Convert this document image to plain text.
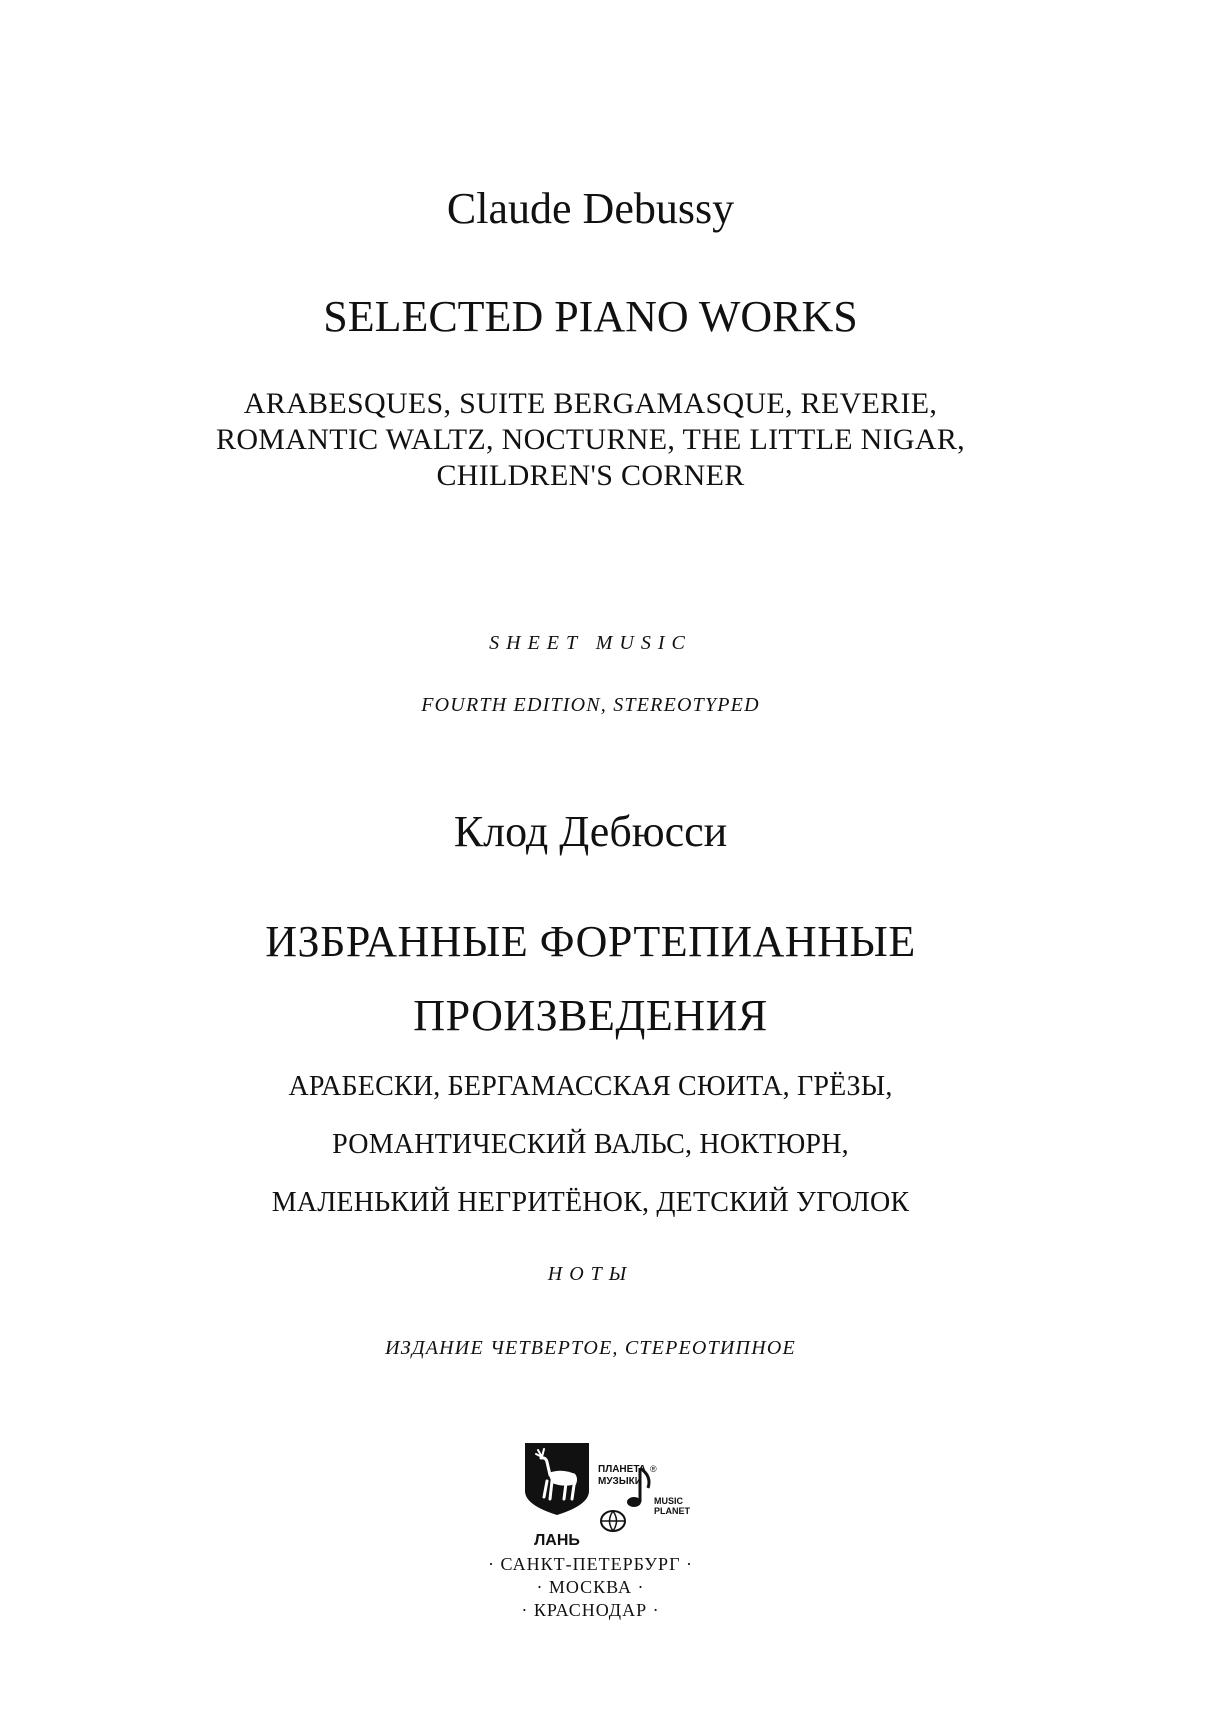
Claude Debussy
SELECTED PIANO WORKS
ARABESQUES, SUITE BERGAMASQUE, REVERIE,
ROMANTIC WALTZ, NOCTURNE, THE LITTLE NIGAR,
CHILDREN'S CORNER
SHEET MUSIC
FOURTH EDITION, STEREOTYPED
Клод Дебюсси
ИЗБРАННЫЕ ФОРТЕПИАННЫЕ
ПРОИЗВЕДЕНИЯ
АРАБЕСКИ, БЕРГАМАССКАЯ СЮИТА, ГРЁЗЫ,
РОМАНТИЧЕСКИЙ ВАЛЬС, НОКТЮРН,
МАЛЕНЬКИЙ НЕГРИТЁНОК, ДЕТСКИЙ УГОЛОК
НОТЫ
ИЗДАНИЕ ЧЕТВЕРТОЕ, СТЕРЕОТИПНОЕ
ЛАНЬ
ПЛАНЕТА
МУЗЫКИ
®
MUSIC
PLANET
· САНКТ-ПЕТЕРБУРГ ·
· МОСКВА ·
· КРАСНОДАР ·
